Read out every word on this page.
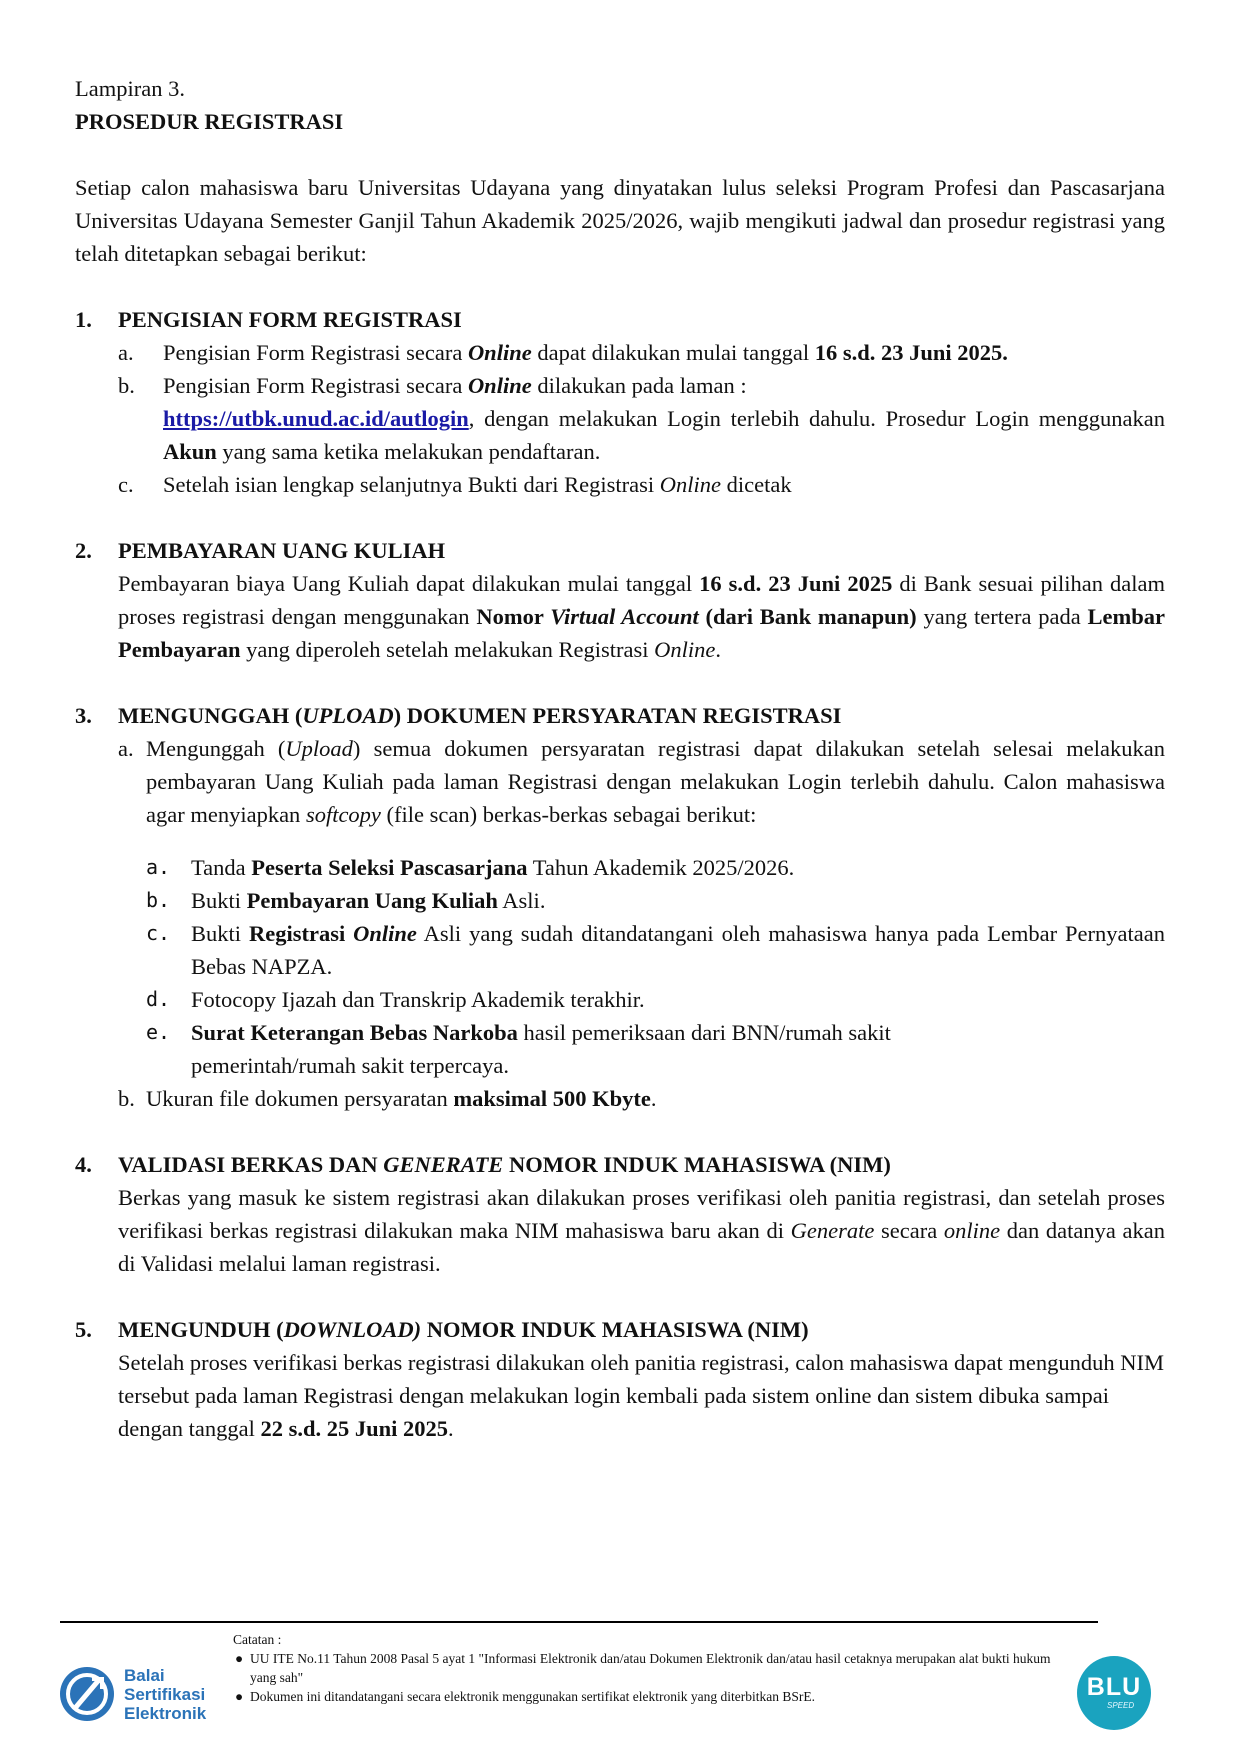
Lampiran 3.
PROSEDUR REGISTRASI
Setiap calon mahasiswa baru Universitas Udayana yang dinyatakan lulus seleksi Program Profesi dan Pascasarjana Universitas Udayana Semester Ganjil Tahun Akademik 2025/2026, wajib mengikuti jadwal dan prosedur registrasi yang telah ditetapkan sebagai berikut:
1.	PENGISIAN FORM REGISTRASI
a.	Pengisian Form Registrasi secara Online dapat dilakukan mulai tanggal 16 s.d. 23 Juni 2025.
b.	Pengisian Form Registrasi secara Online dilakukan pada laman :
https://utbk.unud.ac.id/autlogin, dengan melakukan Login terlebih dahulu. Prosedur Login menggunakan Akun yang sama ketika melakukan pendaftaran.
c.	Setelah isian lengkap selanjutnya Bukti dari Registrasi Online dicetak
2.	PEMBAYARAN UANG KULIAH
Pembayaran biaya Uang Kuliah dapat dilakukan mulai tanggal 16 s.d. 23 Juni 2025 di Bank sesuai pilihan dalam proses registrasi dengan menggunakan Nomor Virtual Account (dari Bank manapun) yang tertera pada Lembar Pembayaran yang diperoleh setelah melakukan Registrasi Online.
3.	MENGUNGGAH (UPLOAD) DOKUMEN PERSYARATAN REGISTRASI
a. Mengunggah (Upload) semua dokumen persyaratan registrasi dapat dilakukan setelah selesai melakukan pembayaran Uang Kuliah pada laman Registrasi dengan melakukan Login terlebih dahulu. Calon mahasiswa agar menyiapkan softcopy (file scan) berkas-berkas sebagai berikut:
a. Tanda Peserta Seleksi Pascasarjana Tahun Akademik 2025/2026.
b. Bukti Pembayaran Uang Kuliah Asli.
c. Bukti Registrasi Online Asli yang sudah ditandatangani oleh mahasiswa hanya pada Lembar Pernyataan Bebas NAPZA.
d. Fotocopy Ijazah dan Transkrip Akademik terakhir.
e. Surat Keterangan Bebas Narkoba hasil pemeriksaan dari BNN/rumah sakit
pemerintah/rumah sakit terpercaya.
b. Ukuran file dokumen persyaratan maksimal 500 Kbyte.
4.	VALIDASI BERKAS DAN GENERATE NOMOR INDUK MAHASISWA (NIM)
Berkas yang masuk ke sistem registrasi akan dilakukan proses verifikasi oleh panitia registrasi, dan setelah proses verifikasi berkas registrasi dilakukan maka NIM mahasiswa baru akan di Generate secara online dan datanya akan di Validasi melalui laman registrasi.
5.	MENGUNDUH (DOWNLOAD) NOMOR INDUK MAHASISWA (NIM)
Setelah proses verifikasi berkas registrasi dilakukan oleh panitia registrasi, calon mahasiswa dapat mengunduh NIM tersebut pada laman Registrasi dengan melakukan login kembali pada sistem online dan sistem dibuka sampai dengan tanggal 22 s.d. 25 Juni 2025.
Balai
Sertifikasi
Elektronik
Catatan :
● UU ITE No.11 Tahun 2008 Pasal 5 ayat 1 "Informasi Elektronik dan/atau Dokumen Elektronik dan/atau hasil cetaknya merupakan alat bukti hukum yang sah"
● Dokumen ini ditandatangani secara elektronik menggunakan sertifikat elektronik yang diterbitkan BSrE.	BLU
SPEED
